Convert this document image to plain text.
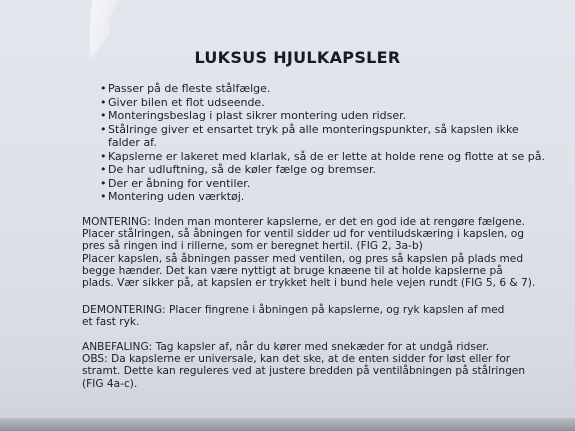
LUKSUS HJULKAPSLER
• Passer på de fleste stålfælge.
• Giver bilen et flot udseende.
• Monteringsbeslag i plast sikrer montering uden ridser.
• Stålringe giver et ensartet tryk på alle monteringspunkter, så kapslen ikke
falder af.
• Kapslerne er lakeret med klarlak, så de er lette at holde rene og flotte at se på.
• De har udluftning, så de køler fælge og bremser.
• Der er åbning for ventiler.
• Montering uden værktøj.

MONTERING: Inden man monterer kapslerne, er det en god ide at rengøre fælgene.
Placer stålringen, så åbningen for ventil sidder ud for ventiludskæring i kapslen, og
pres så ringen ind i rillerne, som er beregnet hertil. (FIG 2, 3a-b)
Placer kapslen, så åbningen passer med ventilen, og pres så kapslen på plads med
begge hænder. Det kan være nyttigt at bruge knæene til at holde kapslerne på
plads. Vær sikker på, at kapslen er trykket helt i bund hele vejen rundt (FIG 5, 6 & 7).

DEMONTERING: Placer fingrene i åbningen på kapslerne, og ryk kapslen af med
et fast ryk.

ANBEFALING: Tag kapsler af, når du kører med snekæder for at undgå ridser.
OBS: Da kapslerne er universale, kan det ske, at de enten sidder for løst eller for
stramt. Dette kan reguleres ved at justere bredden på ventilåbningen på stålringen
(FIG 4a-c).
